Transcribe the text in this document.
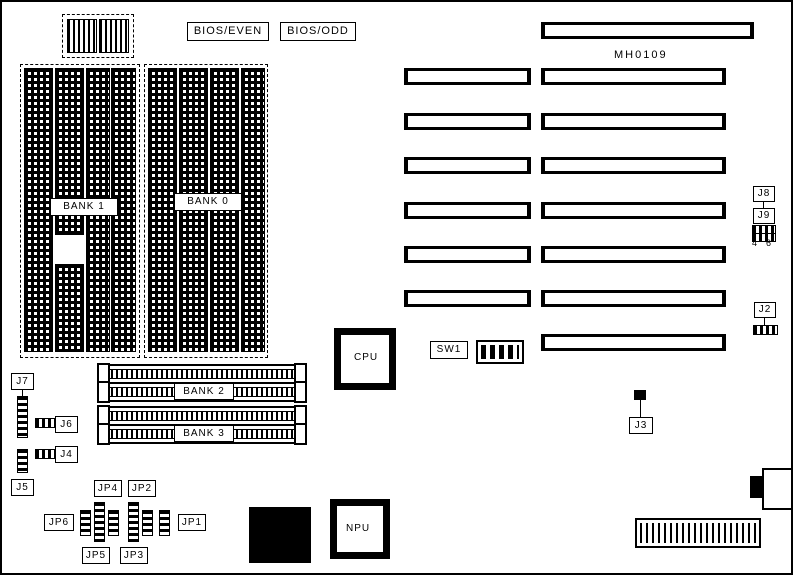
BIOS/EVEN	BIOS/ODD
BANK 1	BANK 0
MH0109
J8
J9
4 6
J2
CPU
SW1
J3
BANK 2
BANK 3
J7
J6
J4
J5	JP4	JP2
JP6	JP1
JP5	JP3
NPU
